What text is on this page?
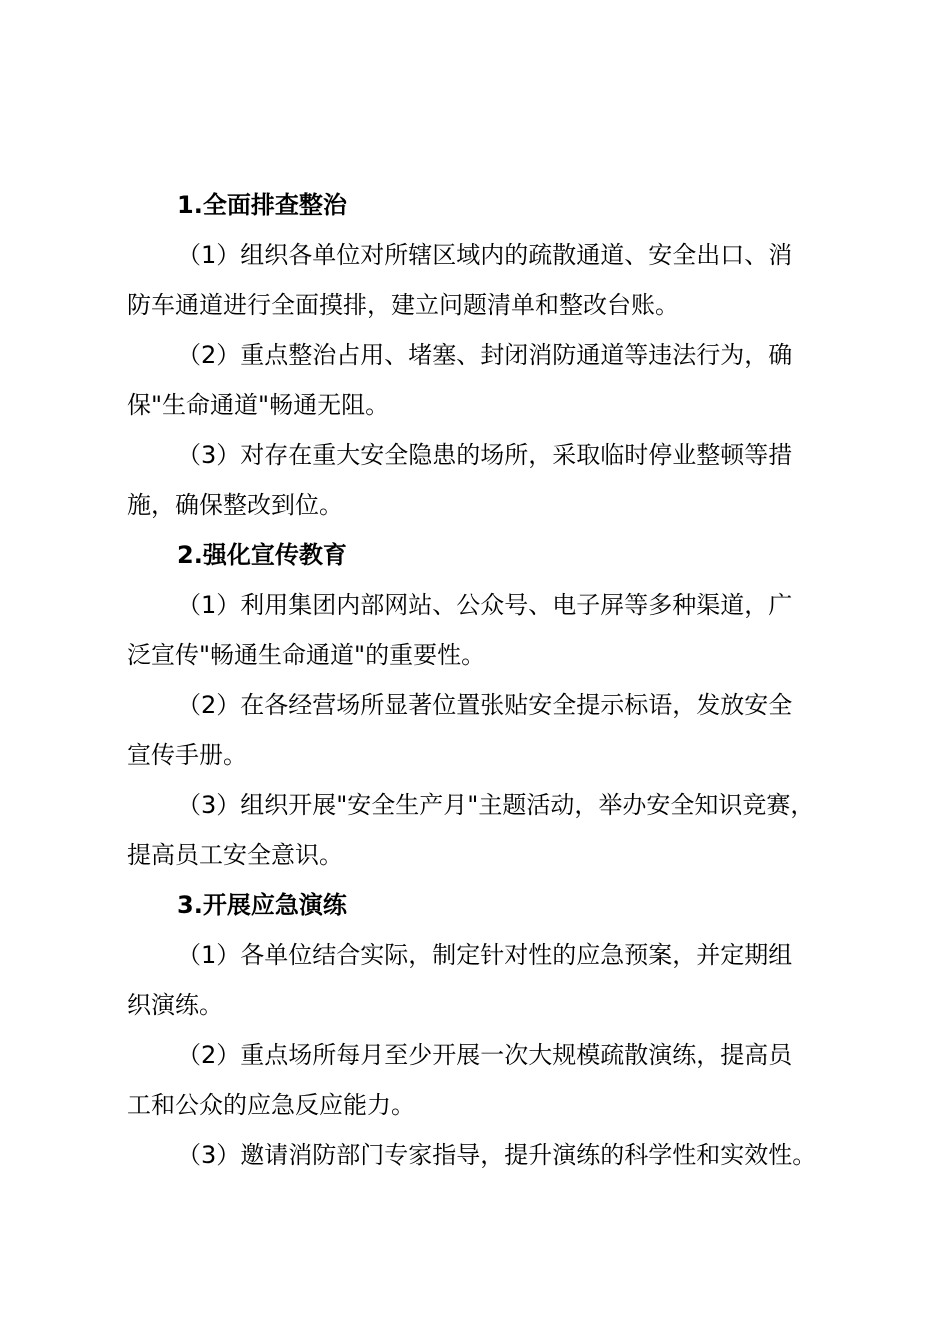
1.全面排查整治

（1）组织各单位对所辖区域内的疏散通道、安全出口、消
防车通道进行全面摸排，建立问题清单和整改台账。

（2）重点整治占用、堵塞、封闭消防通道等违法行为，确
保"生命通道"畅通无阻。

（3）对存在重大安全隐患的场所，采取临时停业整顿等措
施，确保整改到位。

2.强化宣传教育

（1）利用集团内部网站、公众号、电子屏等多种渠道，广
泛宣传"畅通生命通道"的重要性。

（2）在各经营场所显著位置张贴安全提示标语，发放安全
宣传手册。

（3）组织开展"安全生产月"主题活动，举办安全知识竞赛，
提高员工安全意识。

3.开展应急演练

（1）各单位结合实际，制定针对性的应急预案，并定期组
织演练。

（2）重点场所每月至少开展一次大规模疏散演练，提高员
工和公众的应急反应能力。

（3）邀请消防部门专家指导，提升演练的科学性和实效性。
